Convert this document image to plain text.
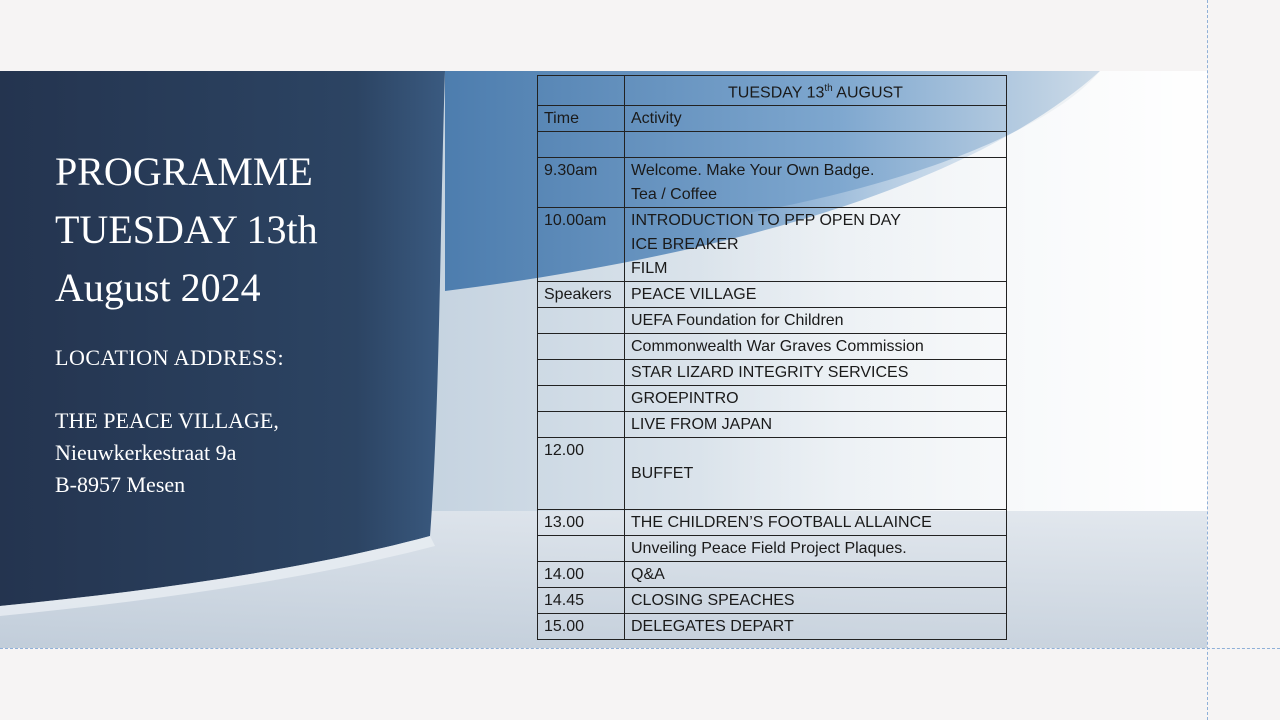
PROGRAMME
TUESDAY 13th
August 2024
LOCATION ADDRESS:
THE PEACE VILLAGE,
Nieuwkerkestraat 9a
B-8957 Mesen
	TUESDAY 13th AUGUST
Time	Activity

9.30am	Welcome. Make Your Own Badge.
Tea / Coffee

10.00am	INTRODUCTION TO PFP OPEN DAY
ICE BREAKER
FILM

Speakers	PEACE VILLAGE
	UEFA Foundation for Children
	Commonwealth War Graves Commission
	STAR LIZARD INTEGRITY SERVICES
	GROEPINTRO
	LIVE FROM JAPAN
12.00	BUFFET
13.00	THE CHILDREN’S FOOTBALL ALLAINCE
	Unveiling Peace Field Project Plaques.
14.00	Q&A
14.45	CLOSING SPEACHES
15.00	DELEGATES DEPART
